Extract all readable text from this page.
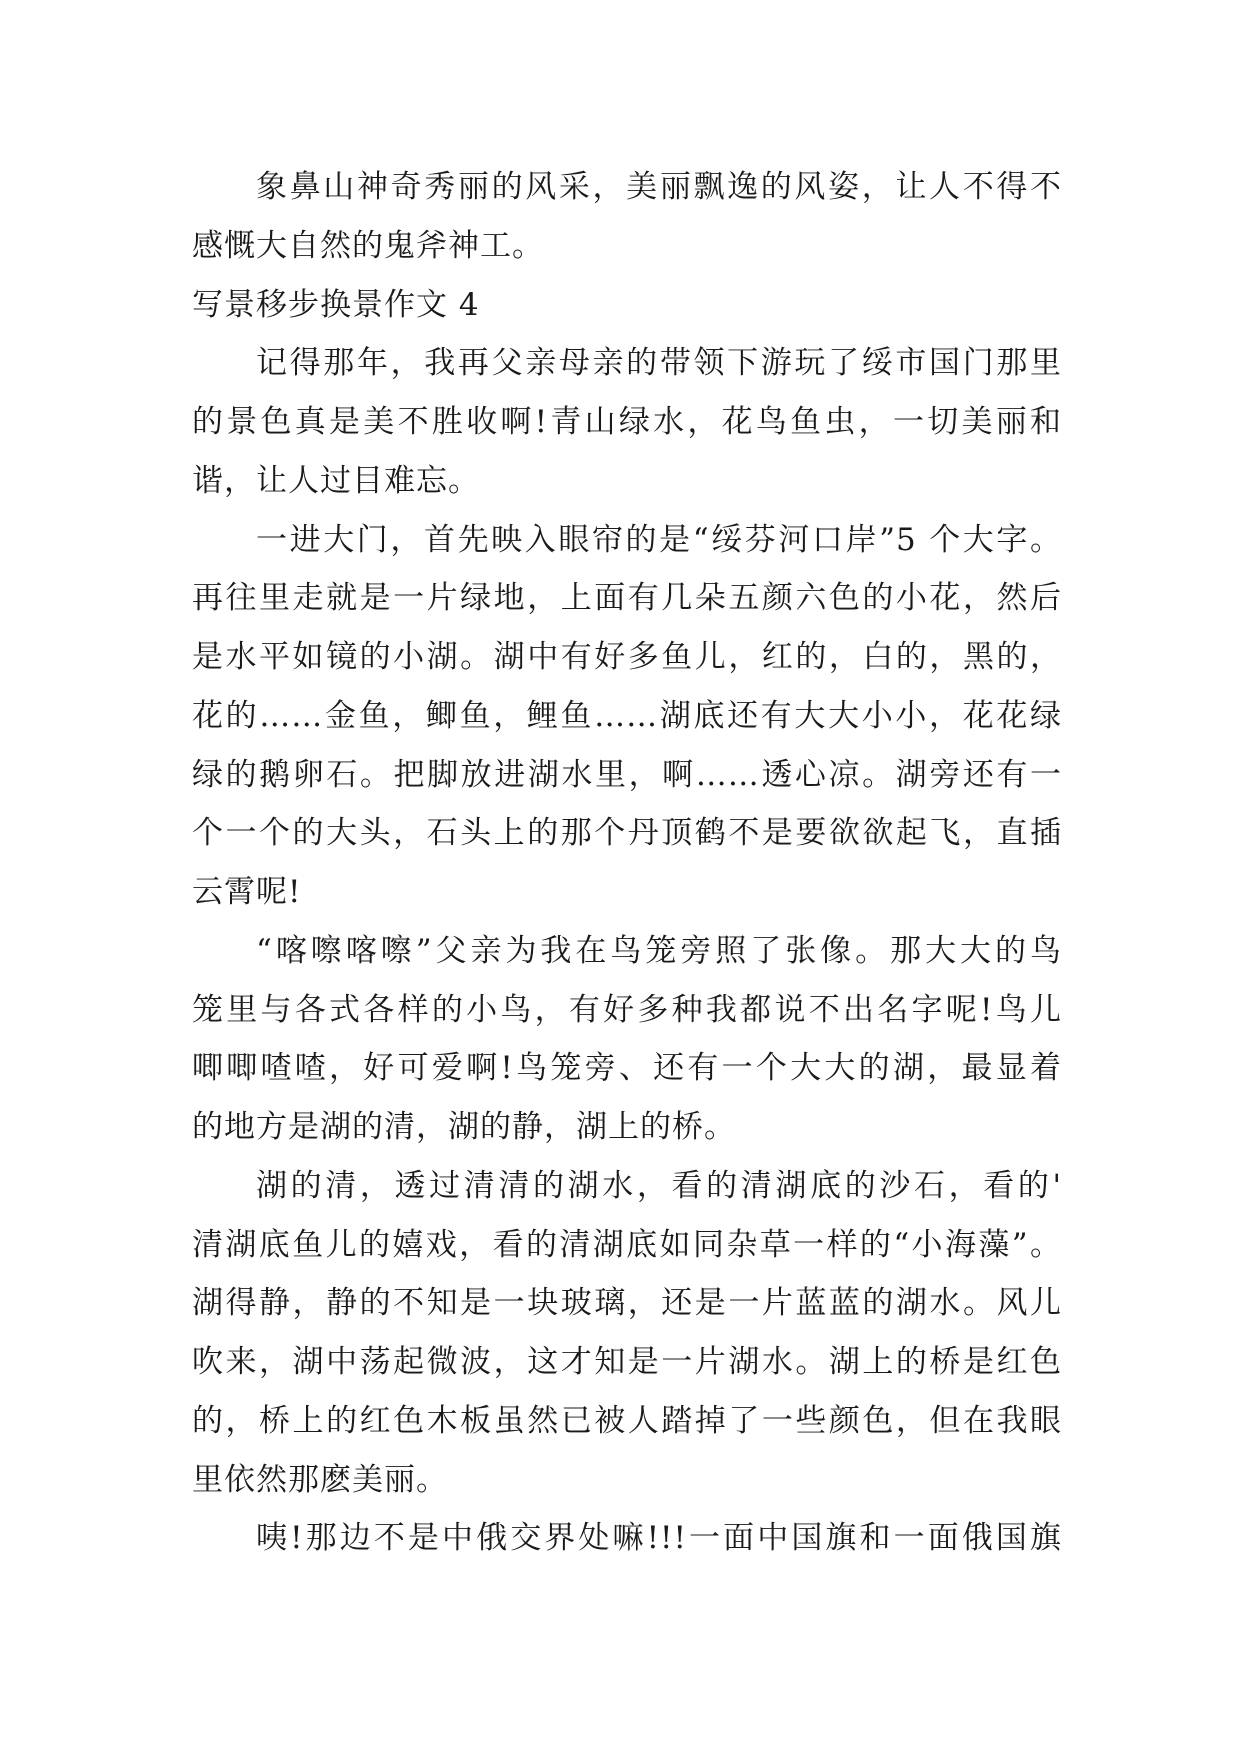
象鼻山神奇秀丽的风采，美丽飘逸的风姿，让人不得不
感慨大自然的鬼斧神工。
写景移步换景作文 4
记得那年，我再父亲母亲的带领下游玩了绥市国门那里
的景色真是美不胜收啊!青山绿水，花鸟鱼虫，一切美丽和
谐，让人过目难忘。
一进大门，首先映入眼帘的是“绥芬河口岸”5 个大字。
再往里走就是一片绿地，上面有几朵五颜六色的小花，然后
是水平如镜的小湖。湖中有好多鱼儿，红的，白的，黑的，
花的……金鱼，鲫鱼，鲤鱼……湖底还有大大小小，花花绿
绿的鹅卵石。把脚放进湖水里，啊……透心凉。湖旁还有一
个一个的大头，石头上的那个丹顶鹤不是要欲欲起飞，直插
云霄呢!
“喀嚓喀嚓”父亲为我在鸟笼旁照了张像。那大大的鸟
笼里与各式各样的小鸟，有好多种我都说不出名字呢!鸟儿
唧唧喳喳，好可爱啊!鸟笼旁、还有一个大大的湖，最显着
的地方是湖的清，湖的静，湖上的桥。
湖的清，透过清清的湖水，看的清湖底的沙石，看的'
清湖底鱼儿的嬉戏，看的清湖底如同杂草一样的“小海藻”。
湖得静，静的不知是一块玻璃，还是一片蓝蓝的湖水。风儿
吹来，湖中荡起微波，这才知是一片湖水。湖上的桥是红色
的，桥上的红色木板虽然已被人踏掉了一些颜色，但在我眼
里依然那麽美丽。
咦!那边不是中俄交界处嘛!!!一面中国旗和一面俄国旗
